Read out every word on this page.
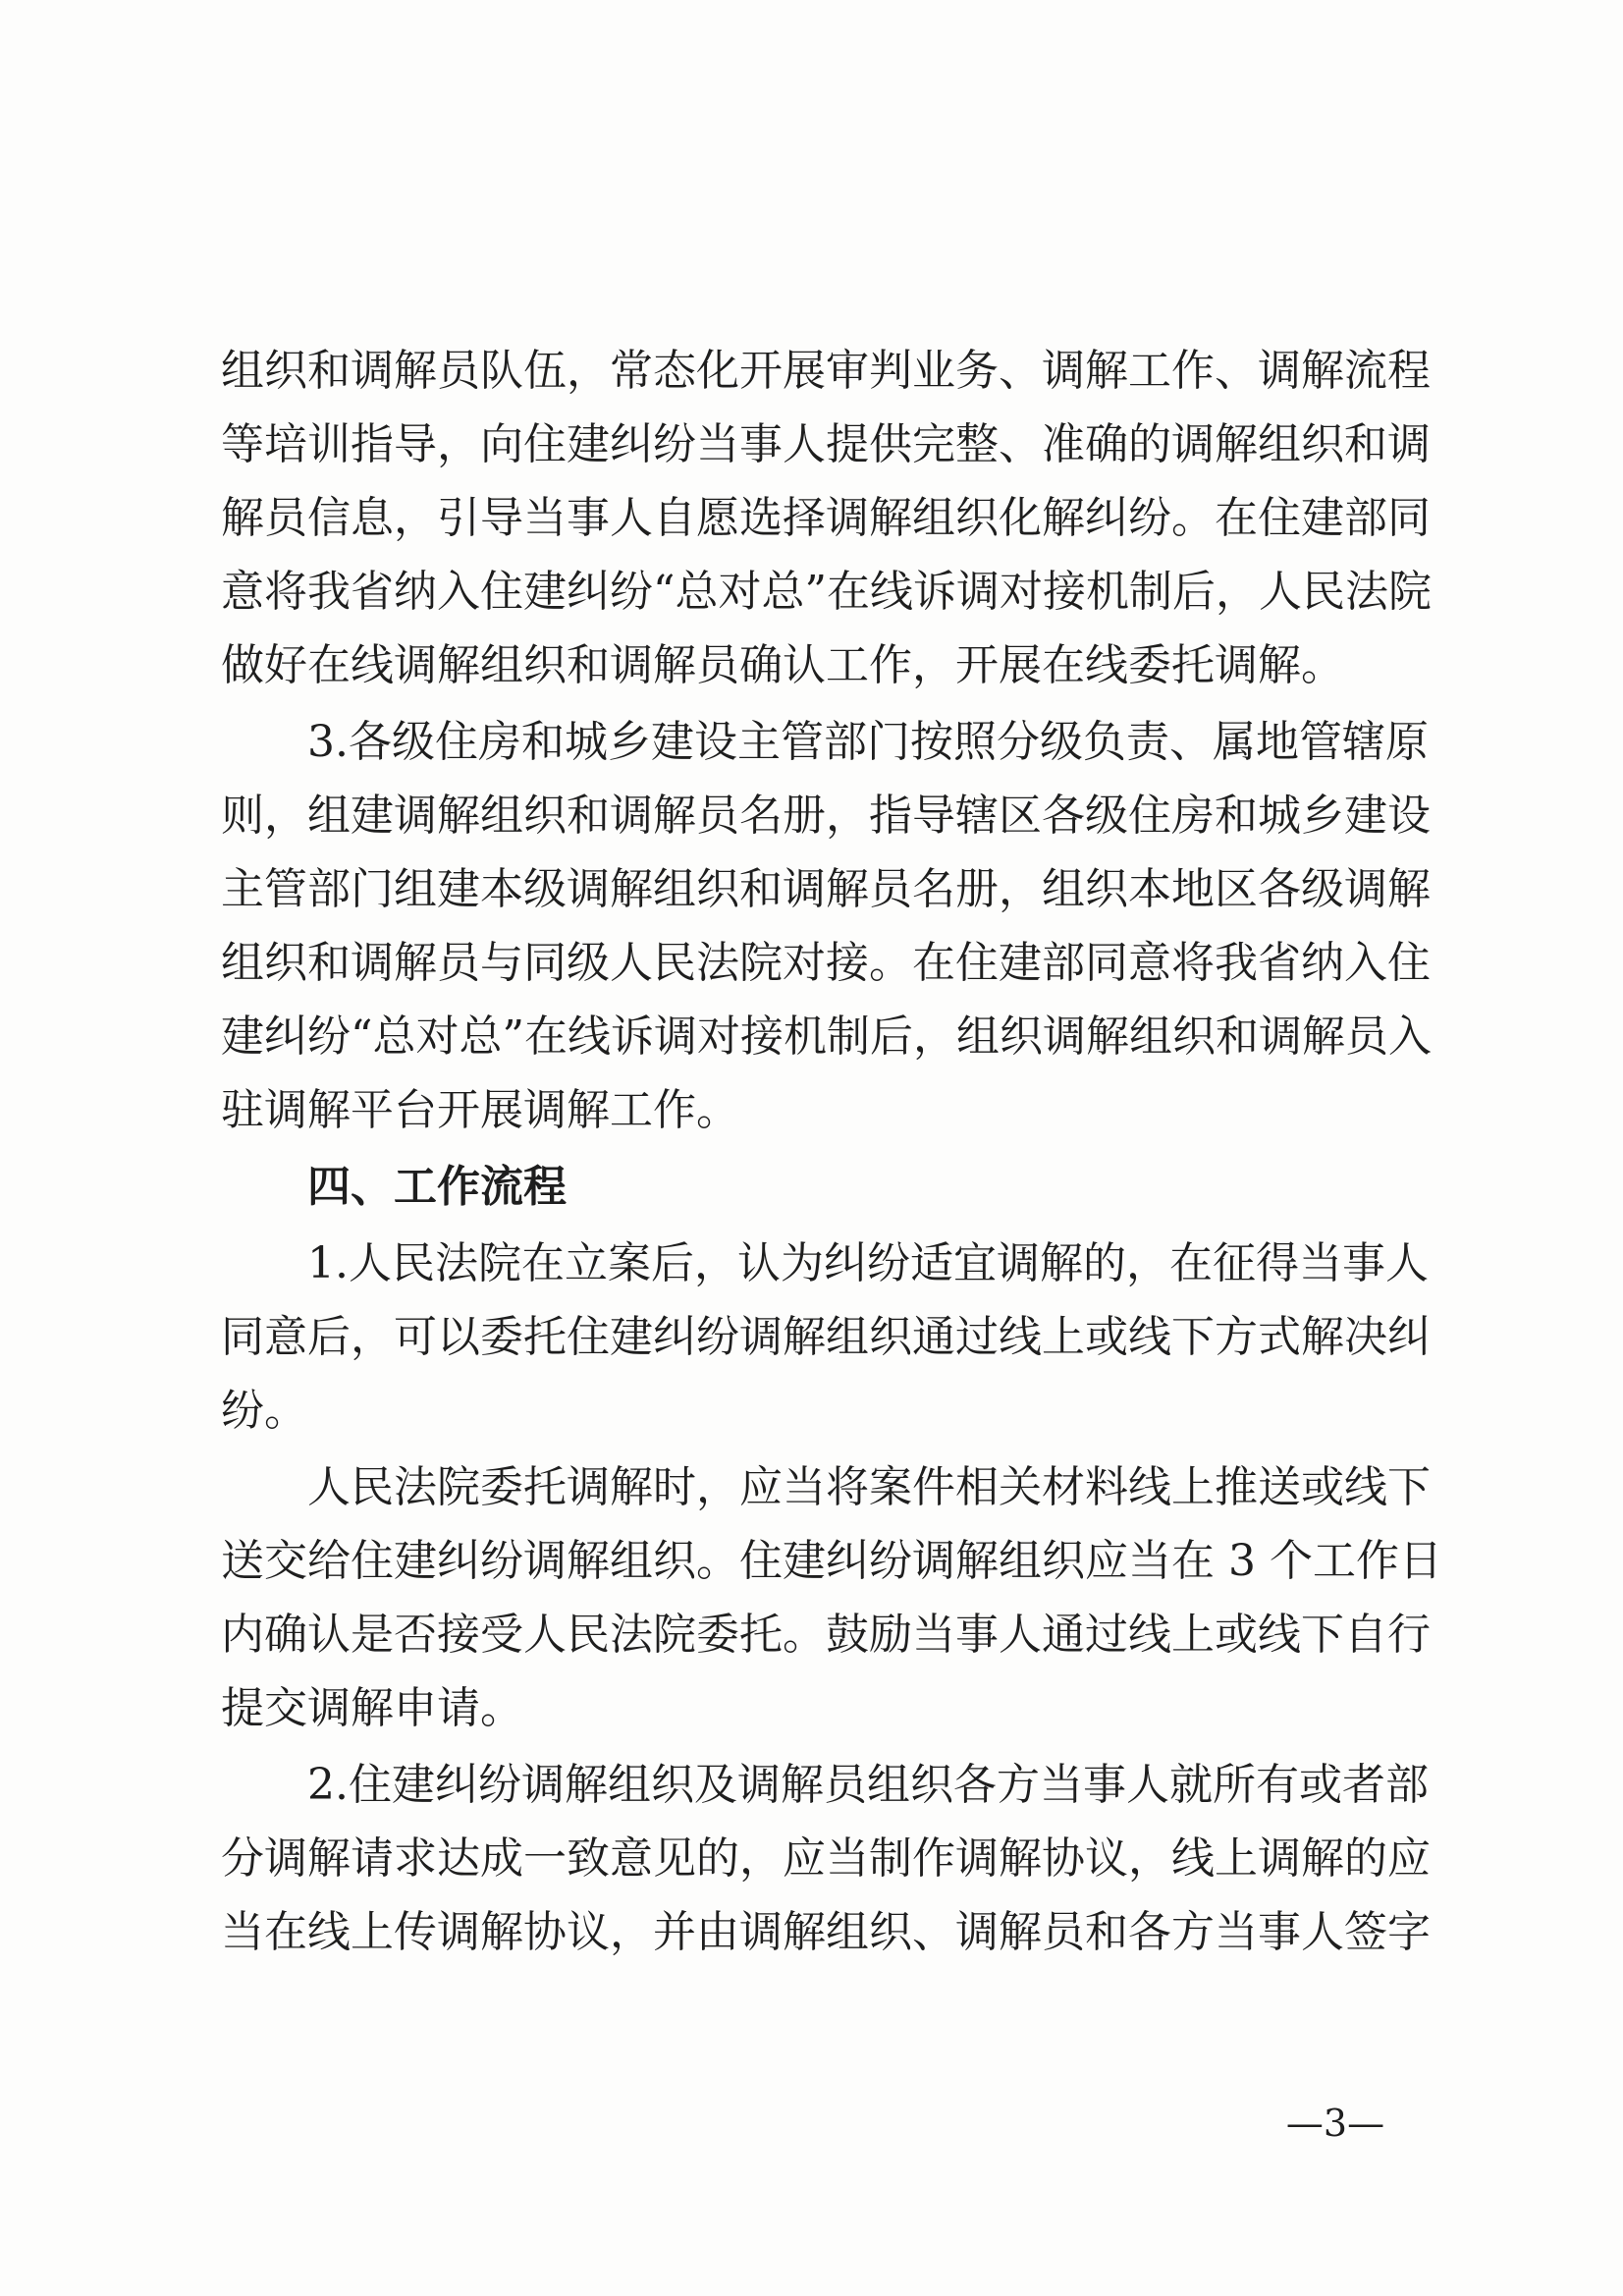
组织和调解员队伍，常态化开展审判业务、调解工作、调解流程
等培训指导，向住建纠纷当事人提供完整、准确的调解组织和调
解员信息，引导当事人自愿选择调解组织化解纠纷。在住建部同
意将我省纳入住建纠纷“总对总”在线诉调对接机制后，人民法院
做好在线调解组织和调解员确认工作，开展在线委托调解。
3.各级住房和城乡建设主管部门按照分级负责、属地管辖原
则，组建调解组织和调解员名册，指导辖区各级住房和城乡建设
主管部门组建本级调解组织和调解员名册，组织本地区各级调解
组织和调解员与同级人民法院对接。在住建部同意将我省纳入住
建纠纷“总对总”在线诉调对接机制后，组织调解组织和调解员入
驻调解平台开展调解工作。
四、工作流程
1.人民法院在立案后，认为纠纷适宜调解的，在征得当事人
同意后，可以委托住建纠纷调解组织通过线上或线下方式解决纠
纷。
人民法院委托调解时，应当将案件相关材料线上推送或线下
送交给住建纠纷调解组织。住建纠纷调解组织应当在 3 个工作日
内确认是否接受人民法院委托。鼓励当事人通过线上或线下自行
提交调解申请。
2.住建纠纷调解组织及调解员组织各方当事人就所有或者部
分调解请求达成一致意见的，应当制作调解协议，线上调解的应
当在线上传调解协议，并由调解组织、调解员和各方当事人签字
—3—
